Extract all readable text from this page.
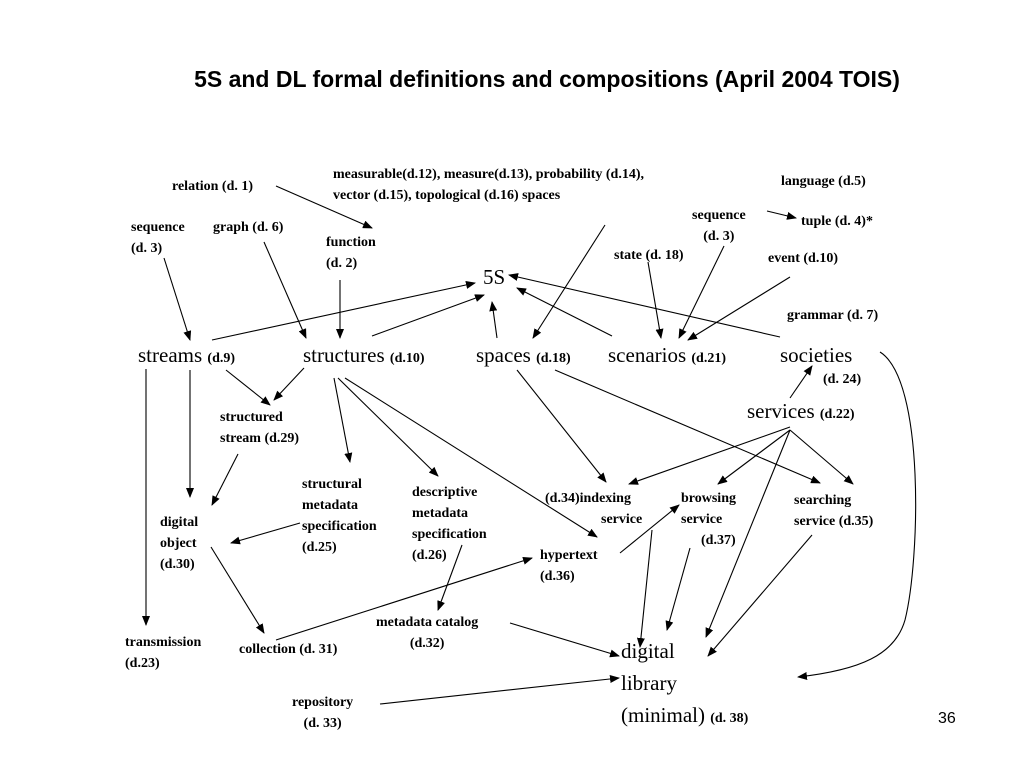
5S and DL formal definitions and compositions (April 2004 TOIS)
relation (d. 1)
measurable(d.12), measure(d.13), probability (d.14),
vector (d.15), topological (d.16) spaces
language (d.5)
sequence
(d. 3)
graph (d. 6)
function
(d. 2)
sequence
(d. 3)
tuple (d. 4)*
state (d. 18)	event (d.10)
5S
grammar (d. 7)
streams (d.9)	structures (d.10) spaces (d.18) scenarios (d.21)	societies
(d. 24)
services (d.22)
structured
stream (d.29)
structural
metadata
specification
(d.25)
descriptive
metadata
specification
(d.26)
(d.34)indexing
service
browsing
service
(d.37)
searching
service (d.35)
digital
object
(d.30)
hypertext
(d.36)
metadata catalog
(d.32)
transmission
(d.23)
collection (d. 31)
repository
(d. 33)
digital
library
(minimal) (d. 38)	36
